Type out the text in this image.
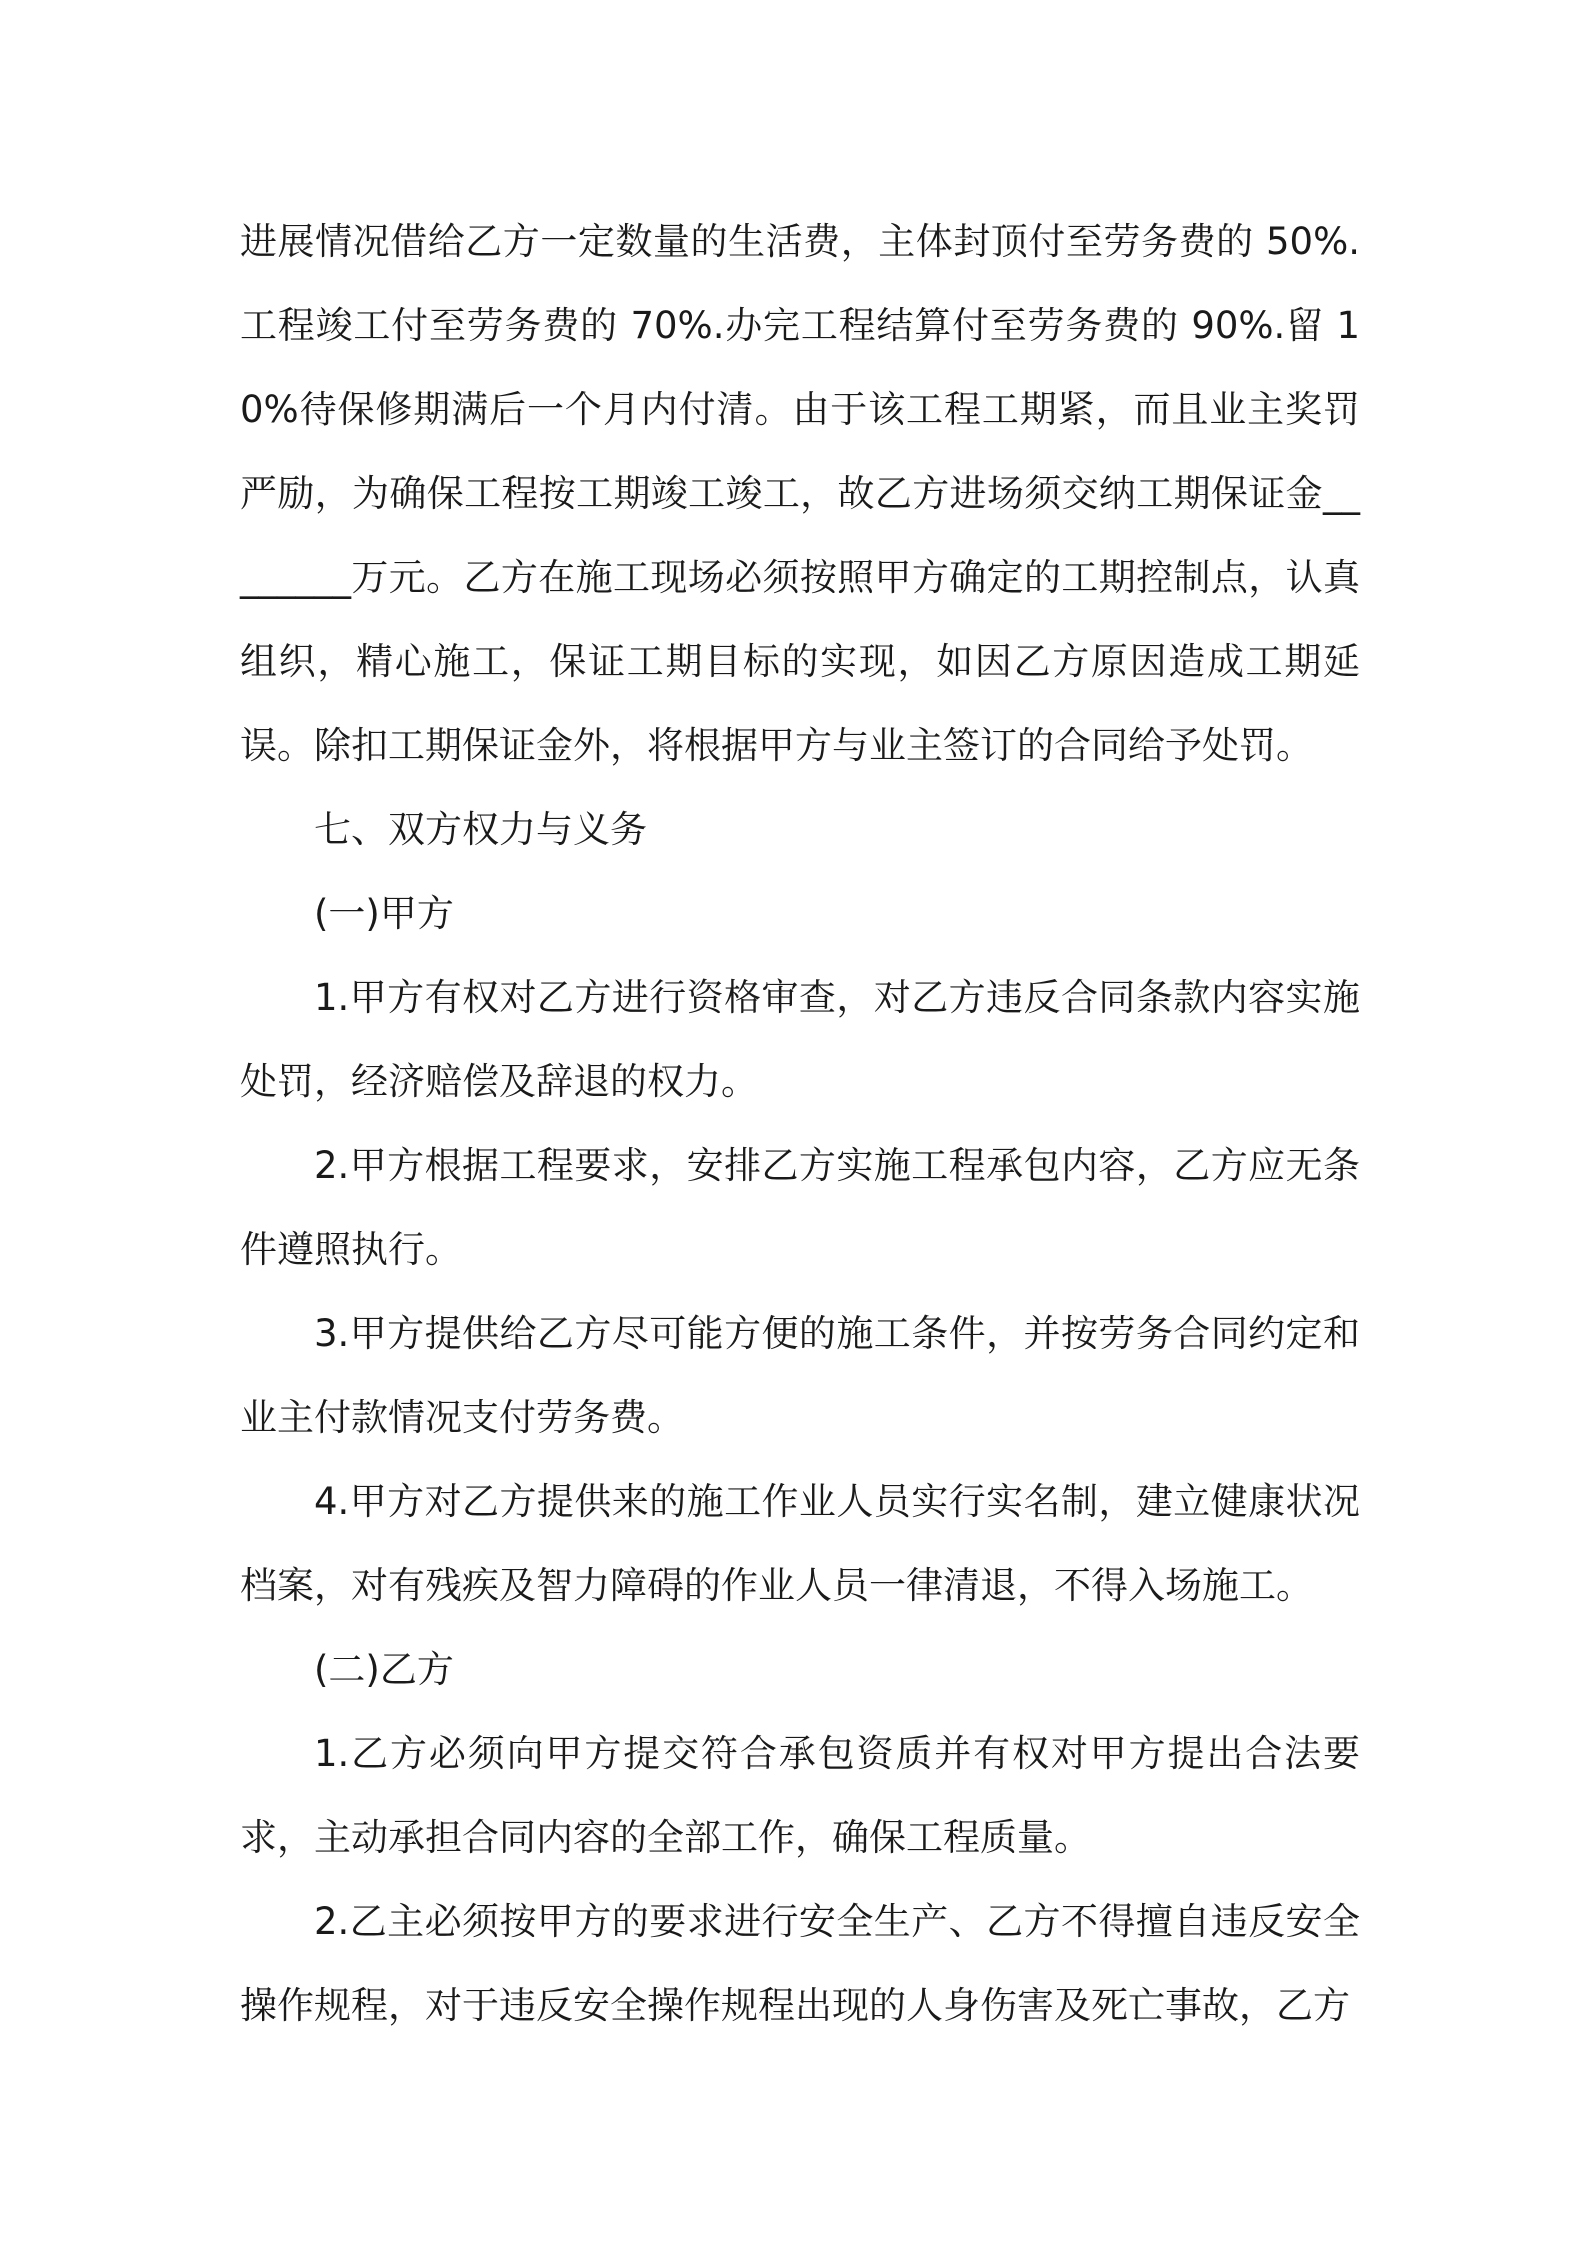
进展情况借给乙方一定数量的生活费，主体封顶付至劳务费的 50%. 工程竣工付至劳务费的 70%.办完工程结算付至劳务费的 90%.留 10%待保修期满后一个月内付清。由于该工程工期紧，而且业主奖罚严励，为确保工程按工期竣工竣工，故乙方进场须交纳工期保证金________万元。乙方在施工现场必须按照甲方确定的工期控制点，认真组织，精心施工，保证工期目标的实现，如因乙方原因造成工期延误。除扣工期保证金外，将根据甲方与业主签订的合同给予处罚。

七、双方权力与义务

(一)甲方

1.甲方有权对乙方进行资格审查，对乙方违反合同条款内容实施处罚，经济赔偿及辞退的权力。

2.甲方根据工程要求，安排乙方实施工程承包内容，乙方应无条件遵照执行。

3.甲方提供给乙方尽可能方便的施工条件，并按劳务合同约定和业主付款情况支付劳务费。

4.甲方对乙方提供来的施工作业人员实行实名制，建立健康状况档案，对有残疾及智力障碍的作业人员一律清退，不得入场施工。

(二)乙方

1.乙方必须向甲方提交符合承包资质并有权对甲方提出合法要求，主动承担合同内容的全部工作，确保工程质量。

2.乙主必须按甲方的要求进行安全生产、乙方不得擅自违反安全操作规程，对于违反安全操作规程出现的人身伤害及死亡事故，乙方
